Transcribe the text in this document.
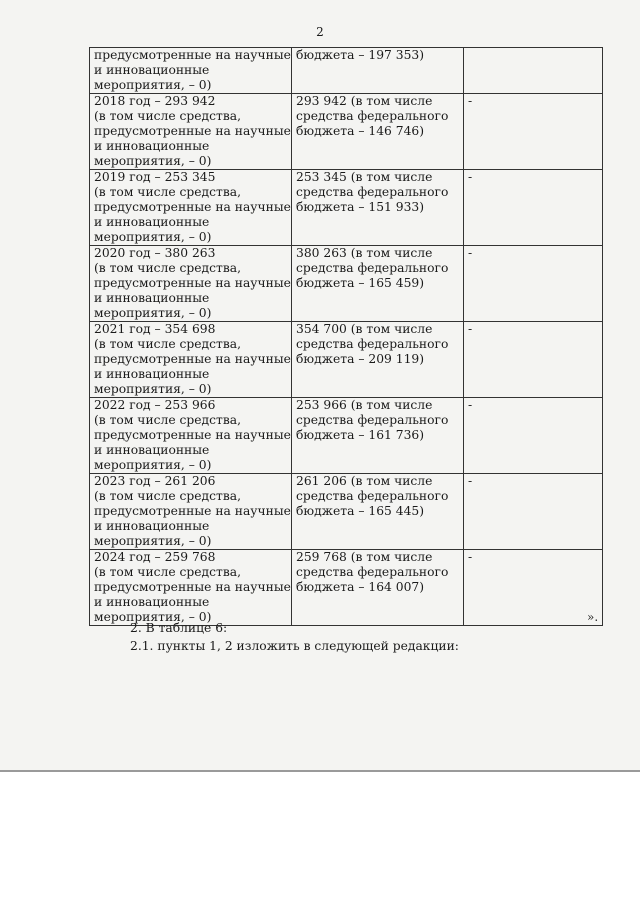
2
предусмотренные на научные
и инновационные
мероприятия, – 0)	бюджета – 197 353)	

2018 год – 293 942
(в том числе средства,
предусмотренные на научные
и инновационные
мероприятия, – 0)	293 942 (в том числе
средства федерального
бюджета – 146 746)	-

2019 год – 253 345
(в том числе средства,
предусмотренные на научные
и инновационные
мероприятия, – 0)	253 345 (в том числе
средства федерального
бюджета – 151 933)	-

2020 год – 380 263
(в том числе средства,
предусмотренные на научные
и инновационные
мероприятия, – 0)	380 263 (в том числе
средства федерального
бюджета – 165 459)	-

2021 год – 354 698
(в том числе средства,
предусмотренные на научные
и инновационные
мероприятия, – 0)	354 700 (в том числе
средства федерального
бюджета – 209 119)	-

2022 год – 253 966
(в том числе средства,
предусмотренные на научные
и инновационные
мероприятия, – 0)	253 966 (в том числе
средства федерального
бюджета – 161 736)	-

2023 год – 261 206
(в том числе средства,
предусмотренные на научные
и инновационные
мероприятия, – 0)	261 206 (в том числе
средства федерального
бюджета – 165 445)	-

2024 год – 259 768
(в том числе средства,
предусмотренные на научные
и инновационные
мероприятия, – 0)	259 768 (в том числе
средства федерального
бюджета – 164 007)	-
».
2. В таблице 6:
2.1. пункты 1, 2 изложить в следующей редакции:
